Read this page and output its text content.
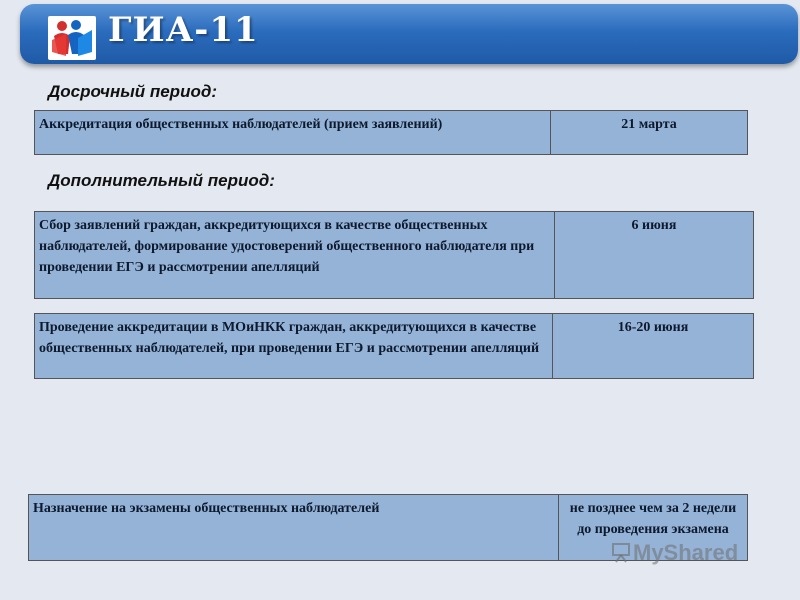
ГИА-11
Досрочный период:
Аккредитация общественных наблюдателей (прием заявлений)	21 марта
Дополнительный период:
Сбор заявлений граждан, аккредитующихся в качестве общественных наблюдателей, формирование удостоверений общественного наблюдателя при проведении ЕГЭ и рассмотрении апелляций
6 июня
Проведение аккредитации в МОиНКК граждан, аккредитующихся в качестве общественных наблюдателей, при проведении ЕГЭ и рассмотрении апелляций
16-20 июня
Назначение на экзамены общественных наблюдателей	не позднее чем за 2 недели до проведения экзамена
MyShared
